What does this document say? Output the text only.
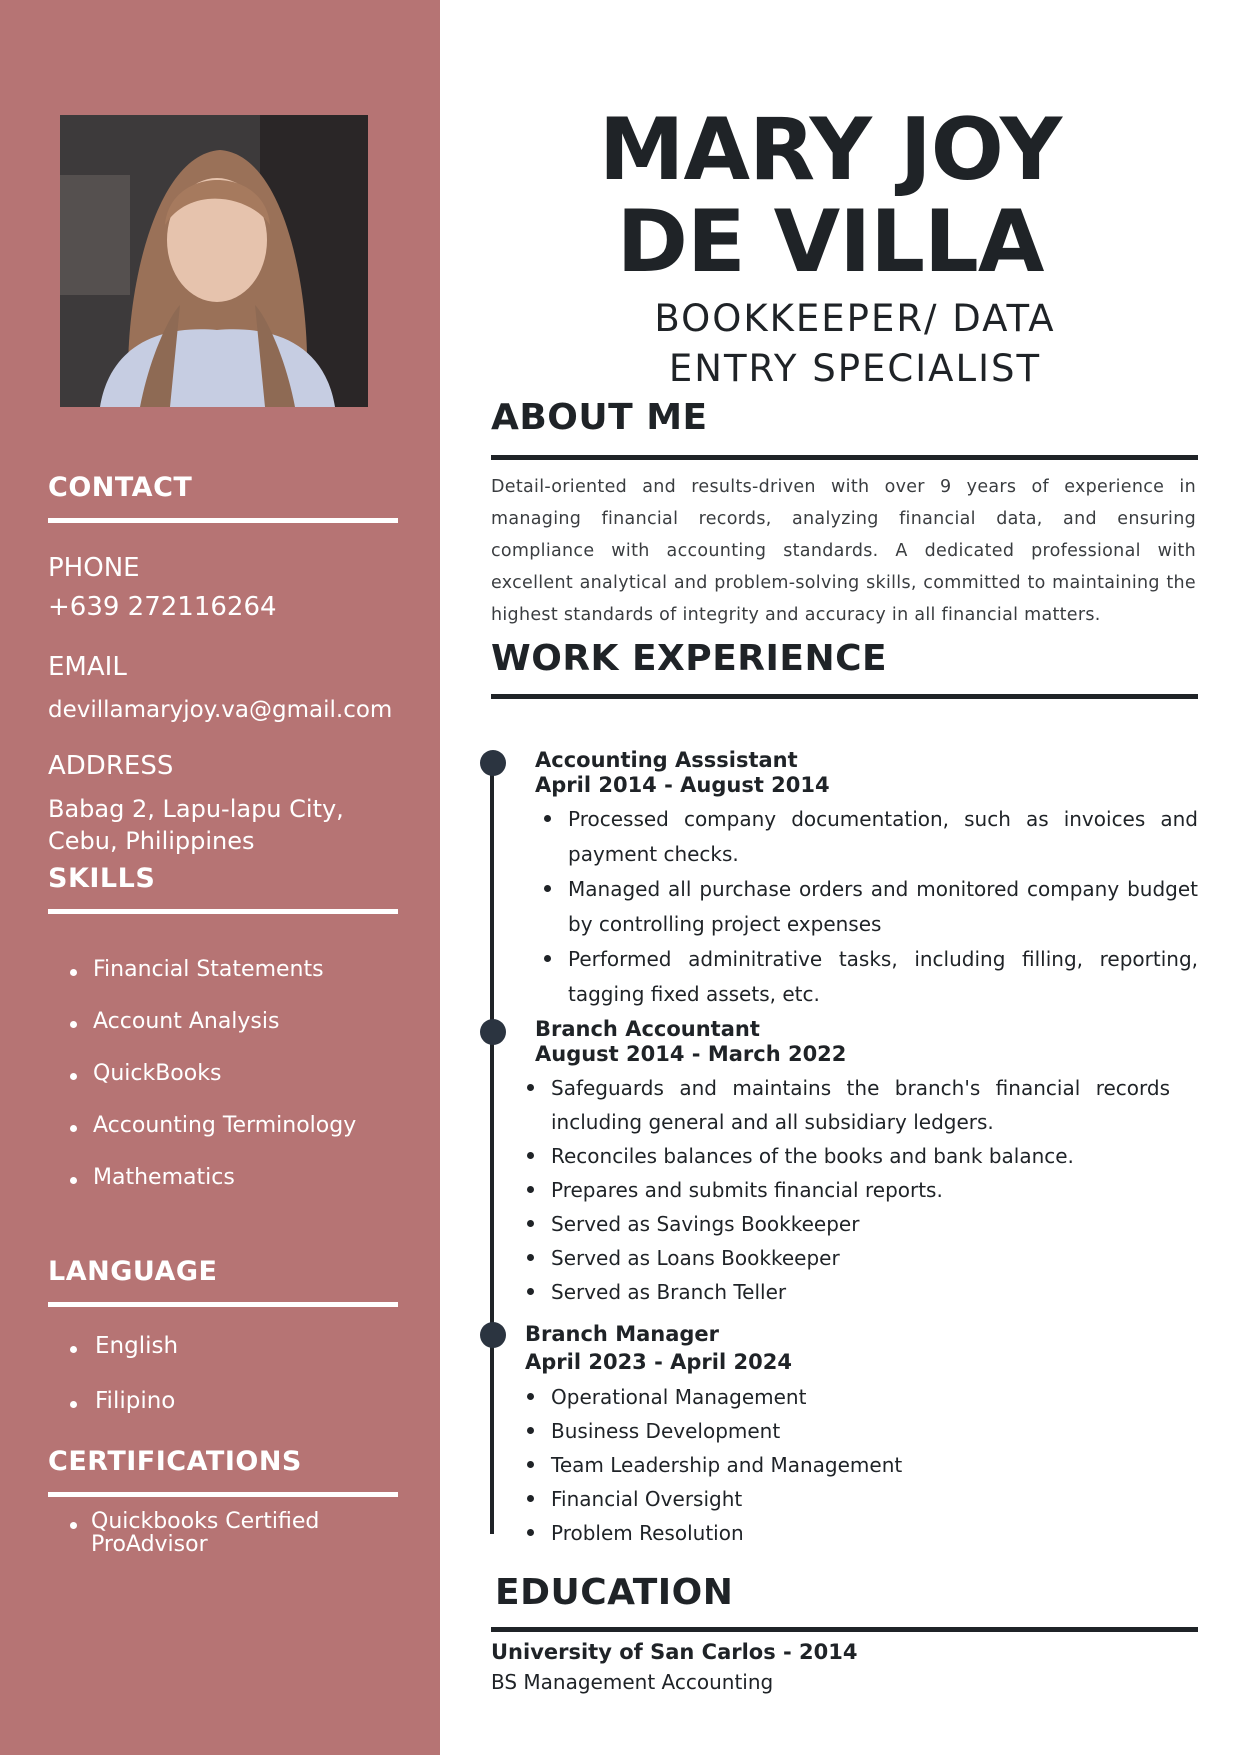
CONTACT
PHONE
+639 272116264
EMAIL
devillamaryjoy.va@gmail.com
ADDRESS
Babag 2, Lapu-lapu City,
Cebu, Philippines
SKILLS
Financial Statements
Account Analysis
QuickBooks
Accounting Terminology
Mathematics
LANGUAGE
English
Filipino
CERTIFICATIONS
Quickbooks Certified
ProAdvisor
MARY JOY
DE VILLA
BOOKKEEPER/ DATA
ENTRY SPECIALIST
ABOUT ME

Detail-oriented and results-driven with over 9 years of experience in managing financial records, analyzing financial data, and ensuring compliance with accounting standards. A dedicated professional with excellent analytical and problem-solving skills, committed to maintaining the highest standards of integrity and accuracy in all financial matters.

WORK EXPERIENCE
Accounting Asssistant
April 2014 - August 2014
Processed company documentation, such as invoices and payment checks.
Managed all purchase orders and monitored company budget by controlling project expenses
Performed adminitrative tasks, including filling, reporting, tagging fixed assets, etc.
Branch Accountant
August 2014 - March 2022
Safeguards and maintains the branch's financial records including general and all subsidiary ledgers.
Reconciles balances of the books and bank balance.
Prepares and submits financial reports.
Served as Savings Bookkeeper
Served as Loans Bookkeeper
Served as Branch Teller
Branch Manager
April 2023 - April 2024
Operational Management
Business Development
Team Leadership and Management
Financial Oversight
Problem Resolution
EDUCATION
University of San Carlos - 2014
BS Management Accounting
